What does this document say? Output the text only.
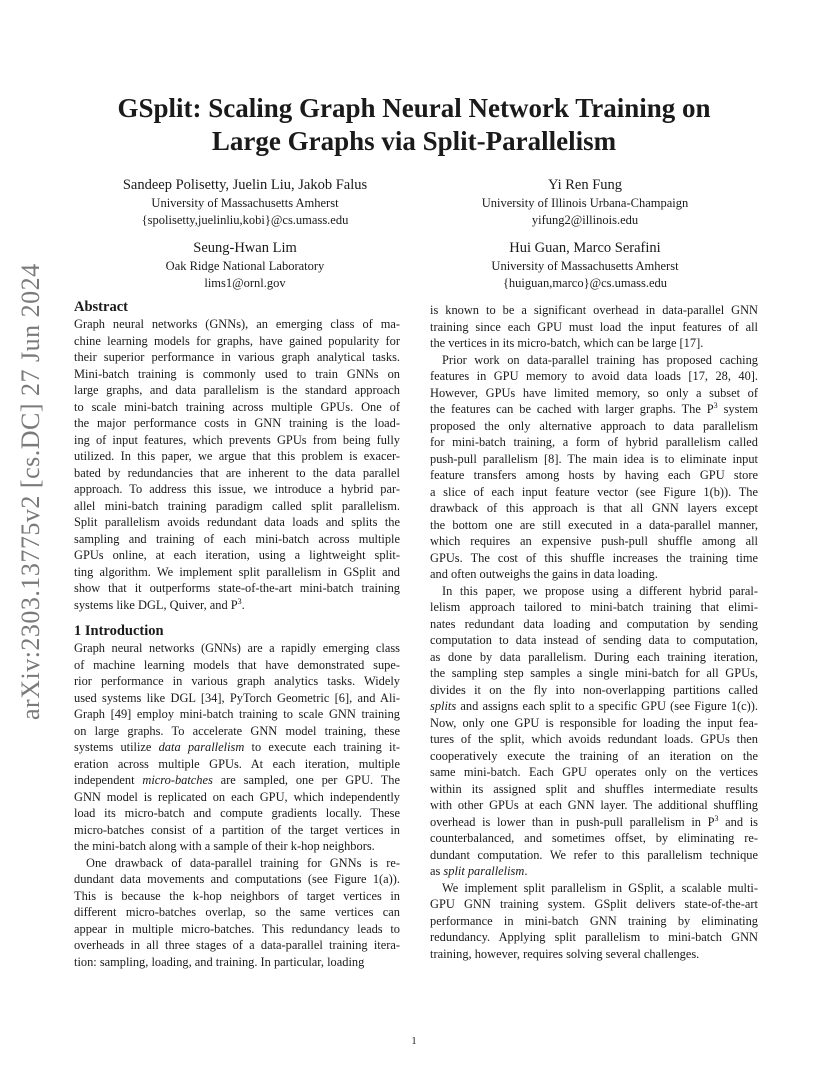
GSplit: Scaling Graph Neural Network Training on
Large Graphs via Split-Parallelism
Sandeep Polisetty, Juelin Liu, Jakob Falus
University of Massachusetts Amherst
{spolisetty,juelinliu,kobi}@cs.umass.edu
Yi Ren Fung
University of Illinois Urbana-Champaign
yifung2@illinois.edu
Seung-Hwan Lim
Oak Ridge National Laboratory
lims1@ornl.gov
Hui Guan, Marco Serafini
University of Massachusetts Amherst
{huiguan,marco}@cs.umass.edu
arXiv:2303.13775v2 [cs.DC] 27 Jun 2024 Abstract
Graph neural networks (GNNs), an emerging class of ma-
chine learning models for graphs, have gained popularity for
their superior performance in various graph analytical tasks.
Mini-batch training is commonly used to train GNNs on
large graphs, and data parallelism is the standard approach
to scale mini-batch training across multiple GPUs. One of
the major performance costs in GNN training is the load-
ing of input features, which prevents GPUs from being fully
utilized. In this paper, we argue that this problem is exacer-
bated by redundancies that are inherent to the data parallel
approach. To address this issue, we introduce a hybrid par-
allel mini-batch training paradigm called split parallelism.
Split parallelism avoids redundant data loads and splits the
sampling and training of each mini-batch across multiple
GPUs online, at each iteration, using a lightweight split-
ting algorithm. We implement split parallelism in GSplit and
show that it outperforms state-of-the-art mini-batch training
systems like DGL, Quiver, and $P^3$.
1 Introduction
Graph neural networks (GNNs) are a rapidly emerging class
of machine learning models that have demonstrated supe-
rior performance in various graph analytics tasks. Widely
used systems like DGL [34], PyTorch Geometric [6], and Ali-
Graph [49] employ mini-batch training to scale GNN training
on large graphs. To accelerate GNN model training, these
systems utilize data parallelism to execute each training it-
eration across multiple GPUs. At each iteration, multiple
independent micro-batches are sampled, one per GPU. The
GNN model is replicated on each GPU, which independently
load its micro-batch and compute gradients locally. These
micro-batches consist of a partition of the target vertices in
the mini-batch along with a sample of their k-hop neighbors.
One drawback of data-parallel training for GNNs is re-
dundant data movements and computations (see Figure 1(a)).
This is because the k-hop neighbors of target vertices in
different micro-batches overlap, so the same vertices can
appear in multiple micro-batches. This redundancy leads to
overheads in all three stages of a data-parallel training itera-
tion: sampling, loading, and training. In particular, loading
is known to be a significant overhead in data-parallel GNN
training since each GPU must load the input features of all
the vertices in its micro-batch, which can be large [17].
Prior work on data-parallel training has proposed caching
features in GPU memory to avoid data loads [17, 28, 40].
However, GPUs have limited memory, so only a subset of
the features can be cached with larger graphs. The $P^3$ system
proposed the only alternative approach to data parallelism
for mini-batch training, a form of hybrid parallelism called
push-pull parallelism [8]. The main idea is to eliminate input
feature transfers among hosts by having each GPU store
a slice of each input feature vector (see Figure 1(b)). The
drawback of this approach is that all GNN layers except
the bottom one are still executed in a data-parallel manner,
which requires an expensive push-pull shuffle among all
GPUs. The cost of this shuffle increases the training time
and often outweighs the gains in data loading.
In this paper, we propose using a different hybrid paral-
lelism approach tailored to mini-batch training that elimi-
nates redundant data loading and computation by sending
computation to data instead of sending data to computation,
as done by data parallelism. During each training iteration,
the sampling step samples a single mini-batch for all GPUs,
divides it on the fly into non-overlapping partitions called
splits and assigns each split to a specific GPU (see Figure 1(c)).
Now, only one GPU is responsible for loading the input fea-
tures of the split, which avoids redundant loads. GPUs then
cooperatively execute the training of an iteration on the
same mini-batch. Each GPU operates only on the vertices
within its assigned split and shuffles intermediate results
with other GPUs at each GNN layer. The additional shuffling
overhead is lower than in push-pull parallelism in $P^3$ and is
counterbalanced, and sometimes offset, by eliminating re-
dundant computation. We refer to this parallelism technique
as split parallelism.
We implement split parallelism in GSplit, a scalable multi-
GPU GNN training system. GSplit delivers state-of-the-art
performance in mini-batch GNN training by eliminating
redundancy. Applying split parallelism to mini-batch GNN
training, however, requires solving several challenges.
1
